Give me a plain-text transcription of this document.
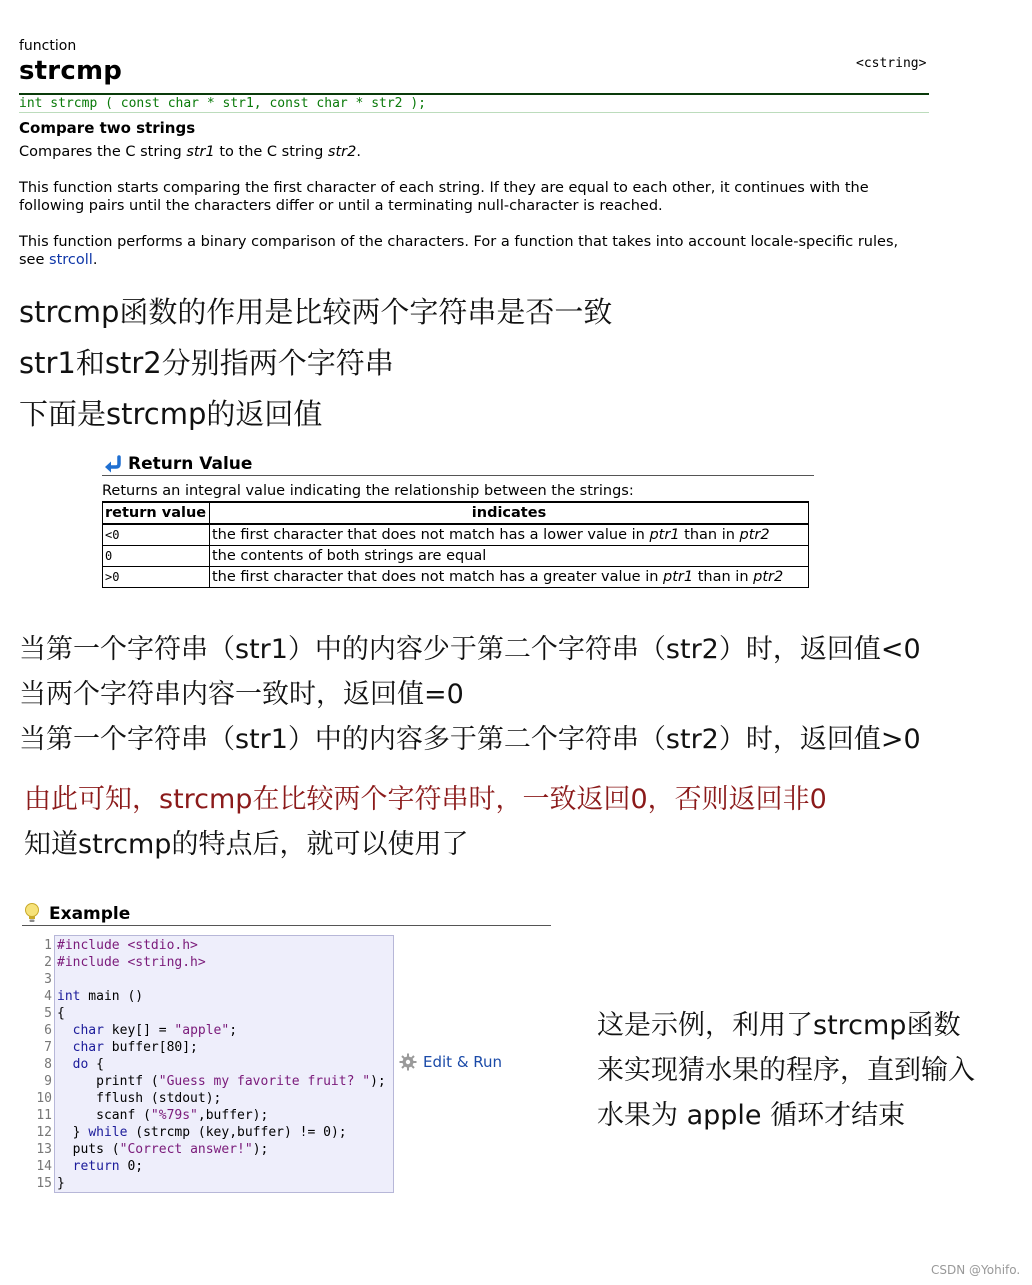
function
strcmp	<cstring>
int strcmp ( const char * str1, const char * str2 );
Compare two strings
Compares the C string str1 to the C string str2.
This function starts comparing the first character of each string. If they are equal to each other, it continues with the following pairs until the characters differ or until a terminating null-character is reached.
This function performs a binary comparison of the characters. For a function that takes into account locale-specific rules, see strcoll.
strcmp函数的作用是比较两个字符串是否一致
str1和str2分别指两个字符串
下面是strcmp的返回值
Return Value
Returns an integral value indicating the relationship between the strings:
return value	indicates
<0	the first character that does not match has a lower value in ptr1 than in ptr2
0	the contents of both strings are equal
>0	the first character that does not match has a greater value in ptr1 than in ptr2
当第一个字符串（str1）中的内容少于第二个字符串（str2）时，返回值<0
当两个字符串内容一致时，返回值=0
当第一个字符串（str1）中的内容多于第二个字符串（str2）时，返回值>0
由此可知，strcmp在比较两个字符串时，一致返回0，否则返回非0
知道strcmp的特点后，就可以使用了
Example
1
2
3
4
5
6
7
8
9
10
11
12
13
14
15
#include <stdio.h>
#include <string.h>

int main ()
{
char key[] = "apple";
char buffer[80];
do {
printf ("Guess my favorite fruit? ");
fflush (stdout);
scanf ("%79s",buffer);
} while (strcmp (key,buffer) != 0);
puts ("Correct answer!");
return 0;
}
Edit & Run
这是示例，利用了strcmp函数
来实现猜水果的程序，直到输入
水果为 apple 循环才结束
CSDN @Yohifo.
